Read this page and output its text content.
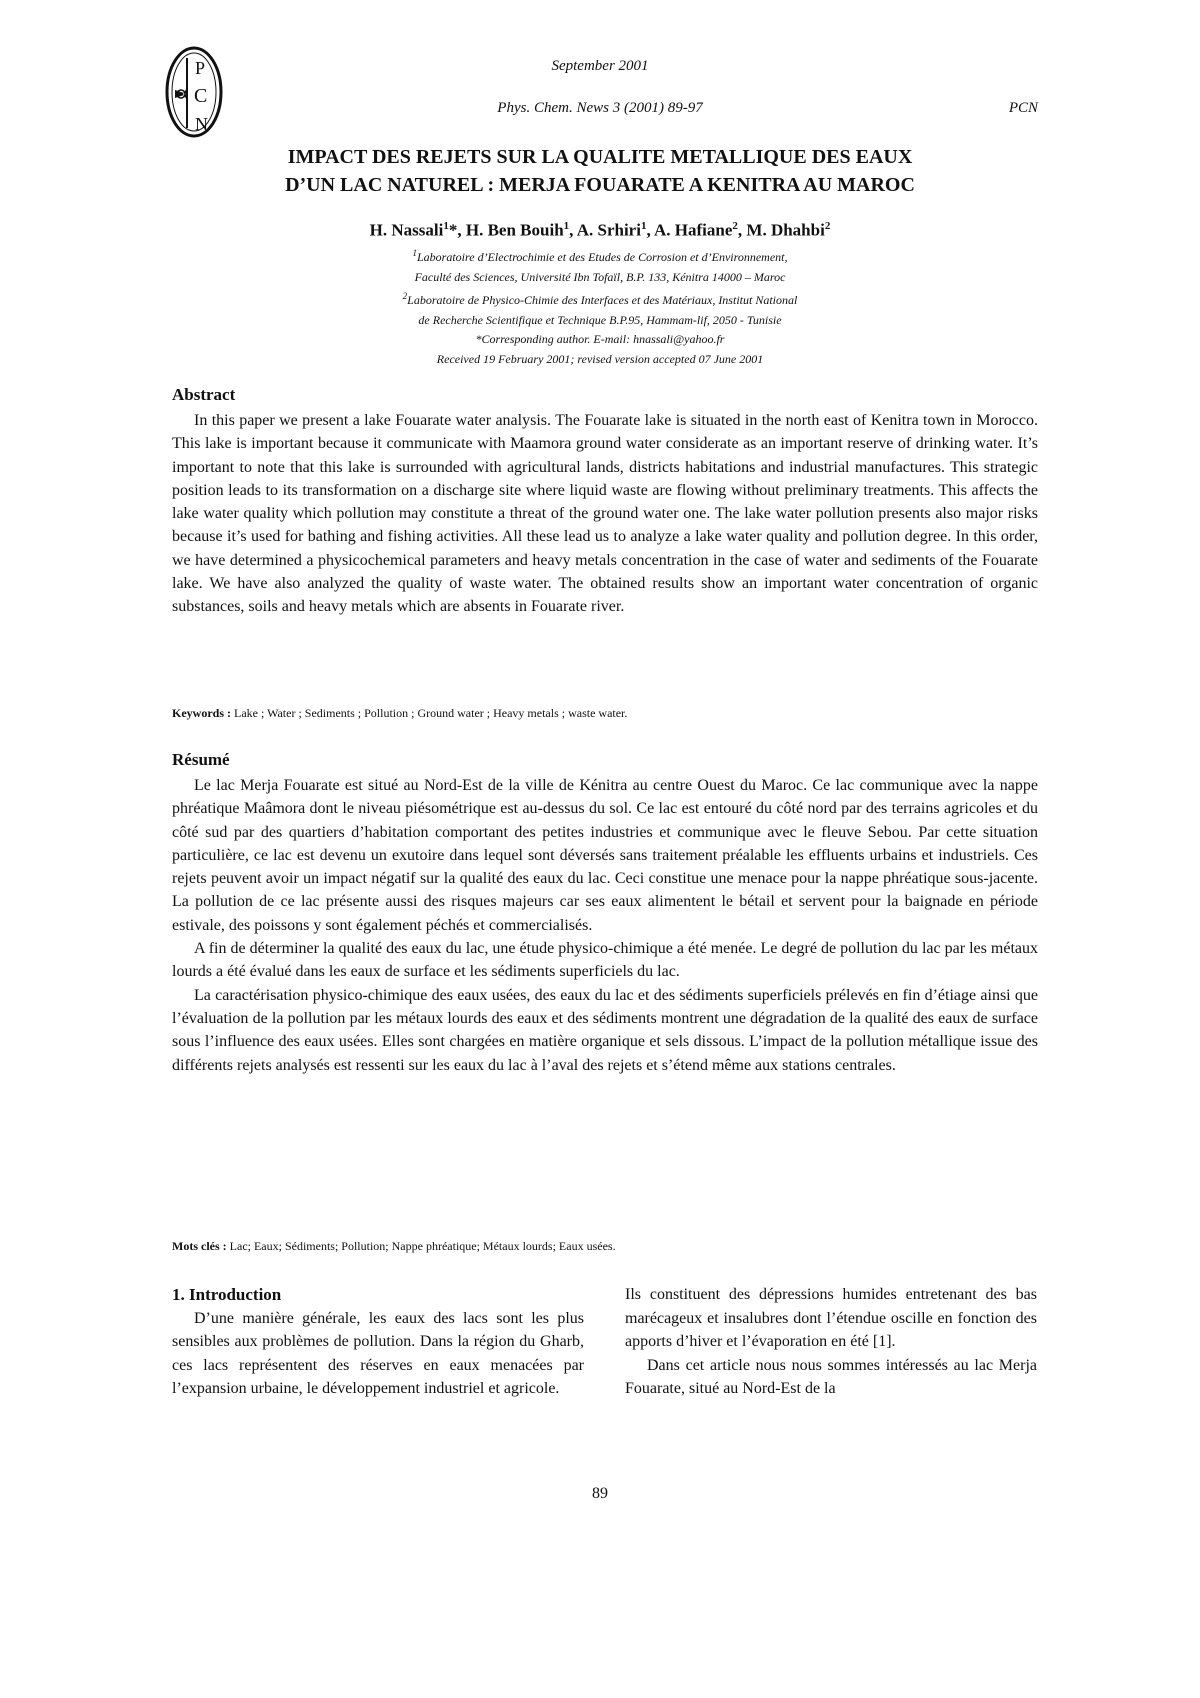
P
C
N
September 2001
Phys. Chem. News 3 (2001) 89-97	PCN
IMPACT DES REJETS SUR LA QUALITE METALLIQUE DES EAUX
D’UN LAC NATUREL : MERJA FOUARATE A KENITRA AU MAROC
H. Nassali$^1$*, H. Ben Bouih$^1$, A. Srhiri$^1$, A. Hafiane$^2$, M. Dhahbi$^2$
$^1$Laboratoire d’Electrochimie et des Etudes de Corrosion et d’Environnement,
Faculté des Sciences, Université Ibn Tofaïl, B.P. 133, Kénitra 14000 – Maroc
$^2$Laboratoire de Physico-Chimie des Interfaces et des Matériaux, Institut National
de Recherche Scientifique et Technique B.P.95, Hammam-lif, 2050 - Tunisie
*Corresponding author. E-mail: hnassali@yahoo.fr
Received 19 February 2001; revised version accepted 07 June 2001
Abstract

In this paper we present a lake Fouarate water analysis. The Fouarate lake is situated in the north east of Kenitra town in Morocco. This lake is important because it communicate with Maamora ground water considerate as an important reserve of drinking water. It’s important to note that this lake is surrounded with agricultural lands, districts habitations and industrial manufactures. This strategic position leads to its transformation on a discharge site where liquid waste are flowing without preliminary treatments. This affects the lake water quality which pollution may constitute a threat of the ground water one. The lake water pollution presents also major risks because it’s used for bathing and fishing activities. All these lead us to analyze a lake water quality and pollution degree. In this order, we have determined a physicochemical parameters and heavy metals concentration in the case of water and sediments of the Fouarate lake. We have also analyzed the quality of waste water. The obtained results show an important water concentration of organic substances, soils and heavy metals which are absents in Fouarate river.

Keywords : Lake ; Water ; Sediments ; Pollution ; Ground water ; Heavy metals ; waste water.
Résumé

Le lac Merja Fouarate est situé au Nord-Est de la ville de Kénitra au centre Ouest du Maroc. Ce lac communique avec la nappe phréatique Maâmora dont le niveau piésométrique est au-dessus du sol. Ce lac est entouré du côté nord par des terrains agricoles et du côté sud par des quartiers d’habitation comportant des petites industries et communique avec le fleuve Sebou. Par cette situation particulière, ce lac est devenu un exutoire dans lequel sont déversés sans traitement préalable les effluents urbains et industriels. Ces rejets peuvent avoir un impact négatif sur la qualité des eaux du lac. Ceci constitue une menace pour la nappe phréatique sous-jacente. La pollution de ce lac présente aussi des risques majeurs car ses eaux alimentent le bétail et servent pour la baignade en période estivale, des poissons y sont également péchés et commercialisés.

A fin de déterminer la qualité des eaux du lac, une étude physico-chimique a été menée. Le degré de pollution du lac par les métaux lourds a été évalué dans les eaux de surface et les sédiments superficiels du lac.

La caractérisation physico-chimique des eaux usées, des eaux du lac et des sédiments superficiels prélevés en fin d’étiage ainsi que l’évaluation de la pollution par les métaux lourds des eaux et des sédiments montrent une dégradation de la qualité des eaux de surface sous l’influence des eaux usées. Elles sont chargées en matière organique et sels dissous. L’impact de la pollution métallique issue des différents rejets analysés est ressenti sur les eaux du lac à l’aval des rejets et s’étend même aux stations centrales.

Mots clés : Lac; Eaux; Sédiments; Pollution; Nappe phréatique; Métaux lourds; Eaux usées.

1. Introduction

D’une manière générale, les eaux des lacs sont les plus sensibles aux problèmes de pollution. Dans la région du Gharb, ces lacs représentent des réserves en eaux menacées par l’expansion urbaine, le développement industriel et agricole.

Ils constituent des dépressions humides entretenant des bas marécageux et insalubres dont l’étendue oscille en fonction des apports d’hiver et l’évaporation en été [1].

Dans cet article nous nous sommes intéressés au lac Merja Fouarate, situé au Nord-Est de la

89
